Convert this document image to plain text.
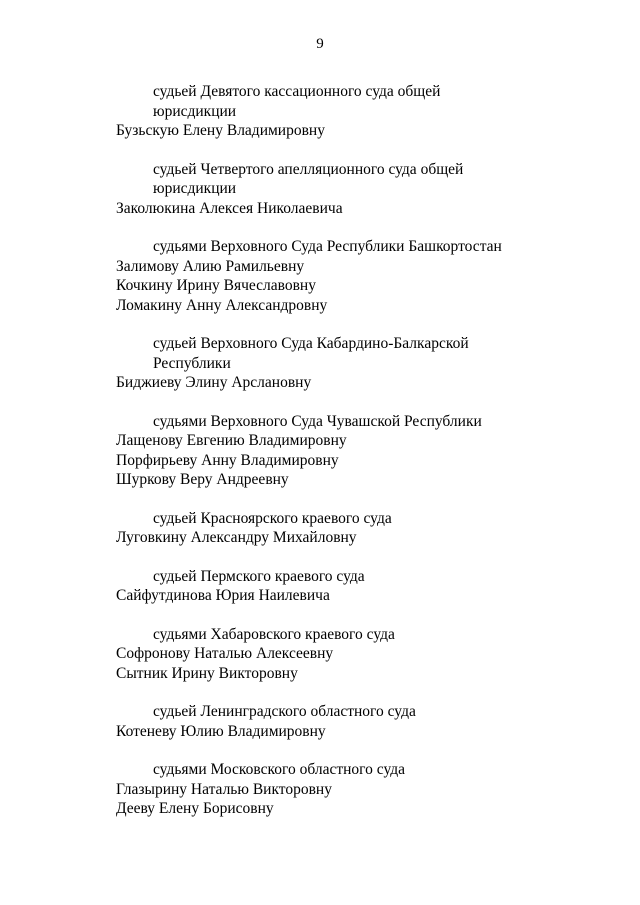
9
судьей Девятого кассационного суда общей
юрисдикции
Бузьскую Елену Владимировну
судьей Четвертого апелляционного суда общей
юрисдикции
Заколюкина Алексея Николаевича
судьями Верховного Суда Республики Башкортостан
Залимову Алию Рамильевну
Кочкину Ирину Вячеславовну
Ломакину Анну Александровну
судьей Верховного Суда Кабардино-Балкарской
Республики
Биджиеву Элину Арслановну
судьями Верховного Суда Чувашской Республики
Лащенову Евгению Владимировну
Порфирьеву Анну Владимировну
Шуркову Веру Андреевну
судьей Красноярского краевого суда
Луговкину Александру Михайловну
судьей Пермского краевого суда
Сайфутдинова Юрия Наилевича
судьями Хабаровского краевого суда
Софронову Наталью Алексеевну
Сытник Ирину Викторовну
судьей Ленинградского областного суда
Котеневу Юлию Владимировну
судьями Московского областного суда
Глазырину Наталью Викторовну
Дееву Елену Борисовну
